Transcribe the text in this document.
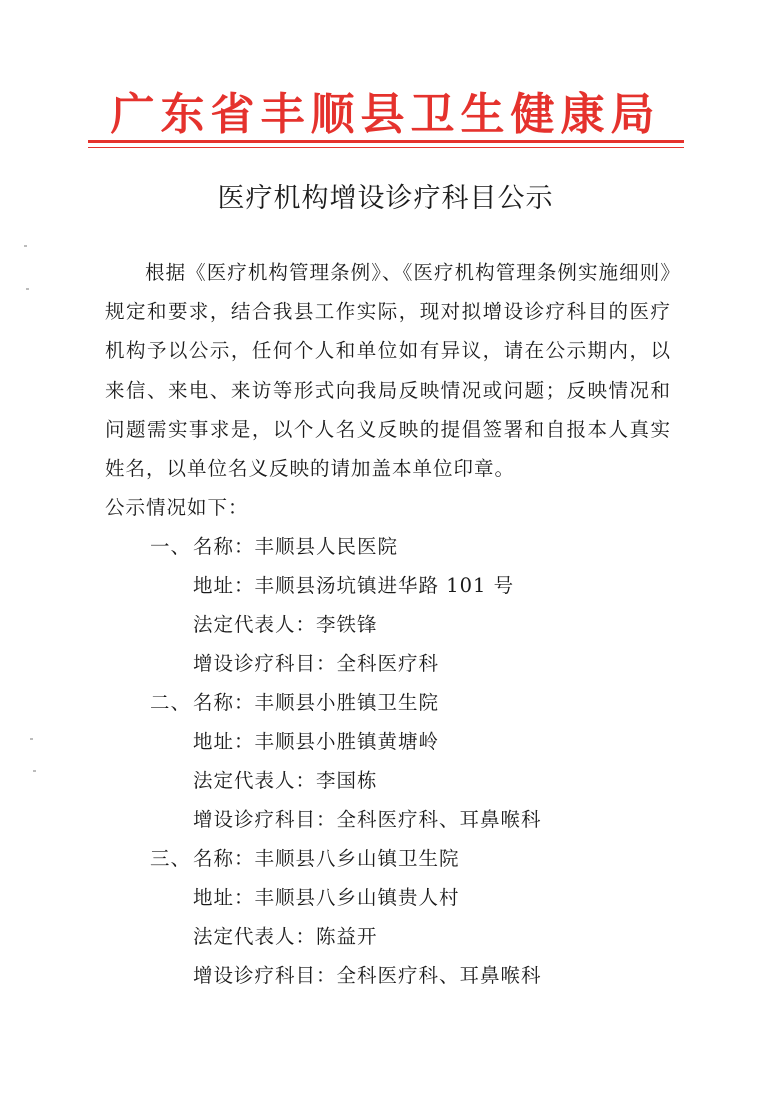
广东省丰顺县卫生健康局
医疗机构增设诊疗科目公示
根据《医疗机构管理条例》、《医疗机构管理条例实施细则》规定和要求，结合我县工作实际，现对拟增设诊疗科目的医疗机构予以公示，任何个人和单位如有异议，请在公示期内，以来信、来电、来访等形式向我局反映情况或问题；反映情况和问题需实事求是，以个人名义反映的提倡签署和自报本人真实姓名，以单位名义反映的请加盖本单位印章。
公示情况如下：
一、 名称：丰顺县人民医院
地址：丰顺县汤坑镇进华路 101 号
法定代表人：李铁锋
增设诊疗科目：全科医疗科
二、 名称：丰顺县小胜镇卫生院
地址：丰顺县小胜镇黄塘岭
法定代表人：李国栋
增设诊疗科目：全科医疗科、耳鼻喉科
三、 名称：丰顺县八乡山镇卫生院
地址：丰顺县八乡山镇贵人村
法定代表人：陈益开
增设诊疗科目：全科医疗科、耳鼻喉科
